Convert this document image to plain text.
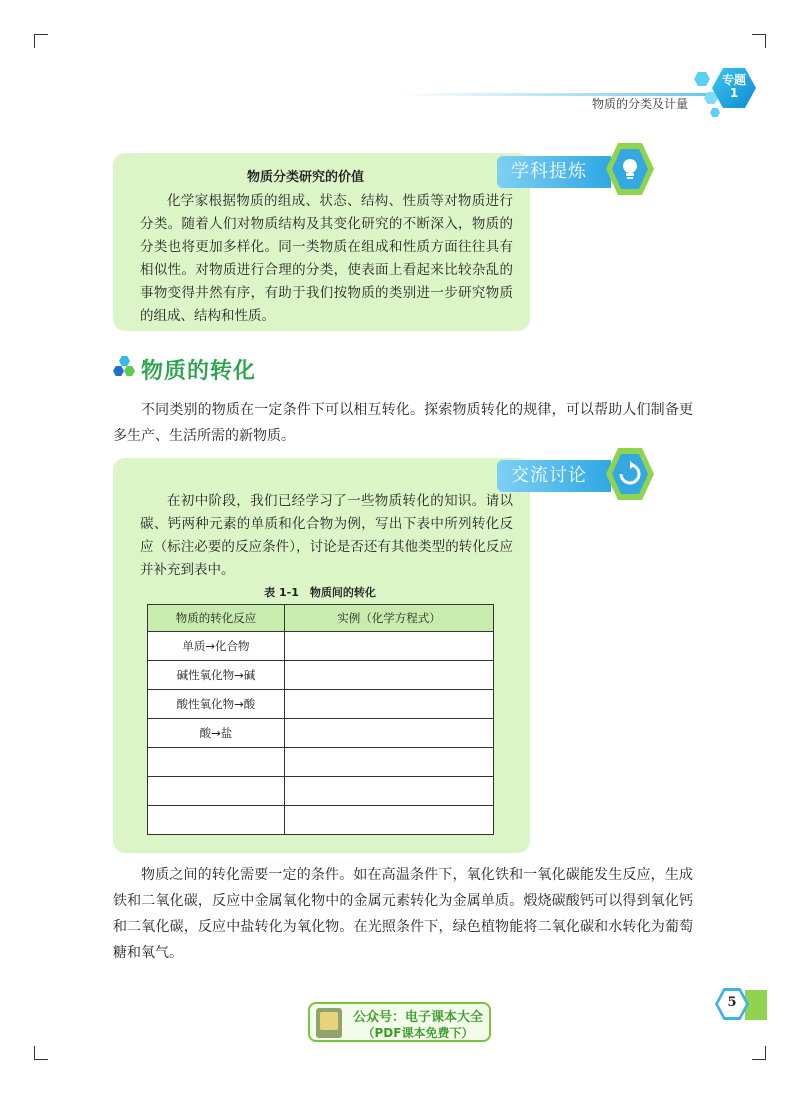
物质的分类及计量
专题
1
学科提炼
物质分类研究的价值
化学家根据物质的组成、状态、结构、性质等对物质进行分类。随着人们对物质结构及其变化研究的不断深入，物质的分类也将更加多样化。同一类物质在组成和性质方面往往具有相似性。对物质进行合理的分类，使表面上看起来比较杂乱的事物变得井然有序，有助于我们按物质的类别进一步研究物质的组成、结构和性质。
物质的转化
不同类别的物质在一定条件下可以相互转化。探索物质转化的规律，可以帮助人们制备更多生产、生活所需的新物质。
交流讨论
在初中阶段，我们已经学习了一些物质转化的知识。请以碳、钙两种元素的单质和化合物为例，写出下表中所列转化反应（标注必要的反应条件），讨论是否还有其他类型的转化反应并补充到表中。
表 1-1　物质间的转化
物质的转化反应	实例（化学方程式）
单质→化合物	
碱性氧化物→碱	
酸性氧化物→酸	
酸→盐	

物质之间的转化需要一定的条件。如在高温条件下，氧化铁和一氧化碳能发生反应，生成铁和二氧化碳，反应中金属氧化物中的金属元素转化为金属单质。煅烧碳酸钙可以得到氧化钙和二氧化碳，反应中盐转化为氧化物。在光照条件下，绿色植物能将二氧化碳和水转化为葡萄糖和氧气。
5
公众号：电子课本大全
（PDF课本免费下）
